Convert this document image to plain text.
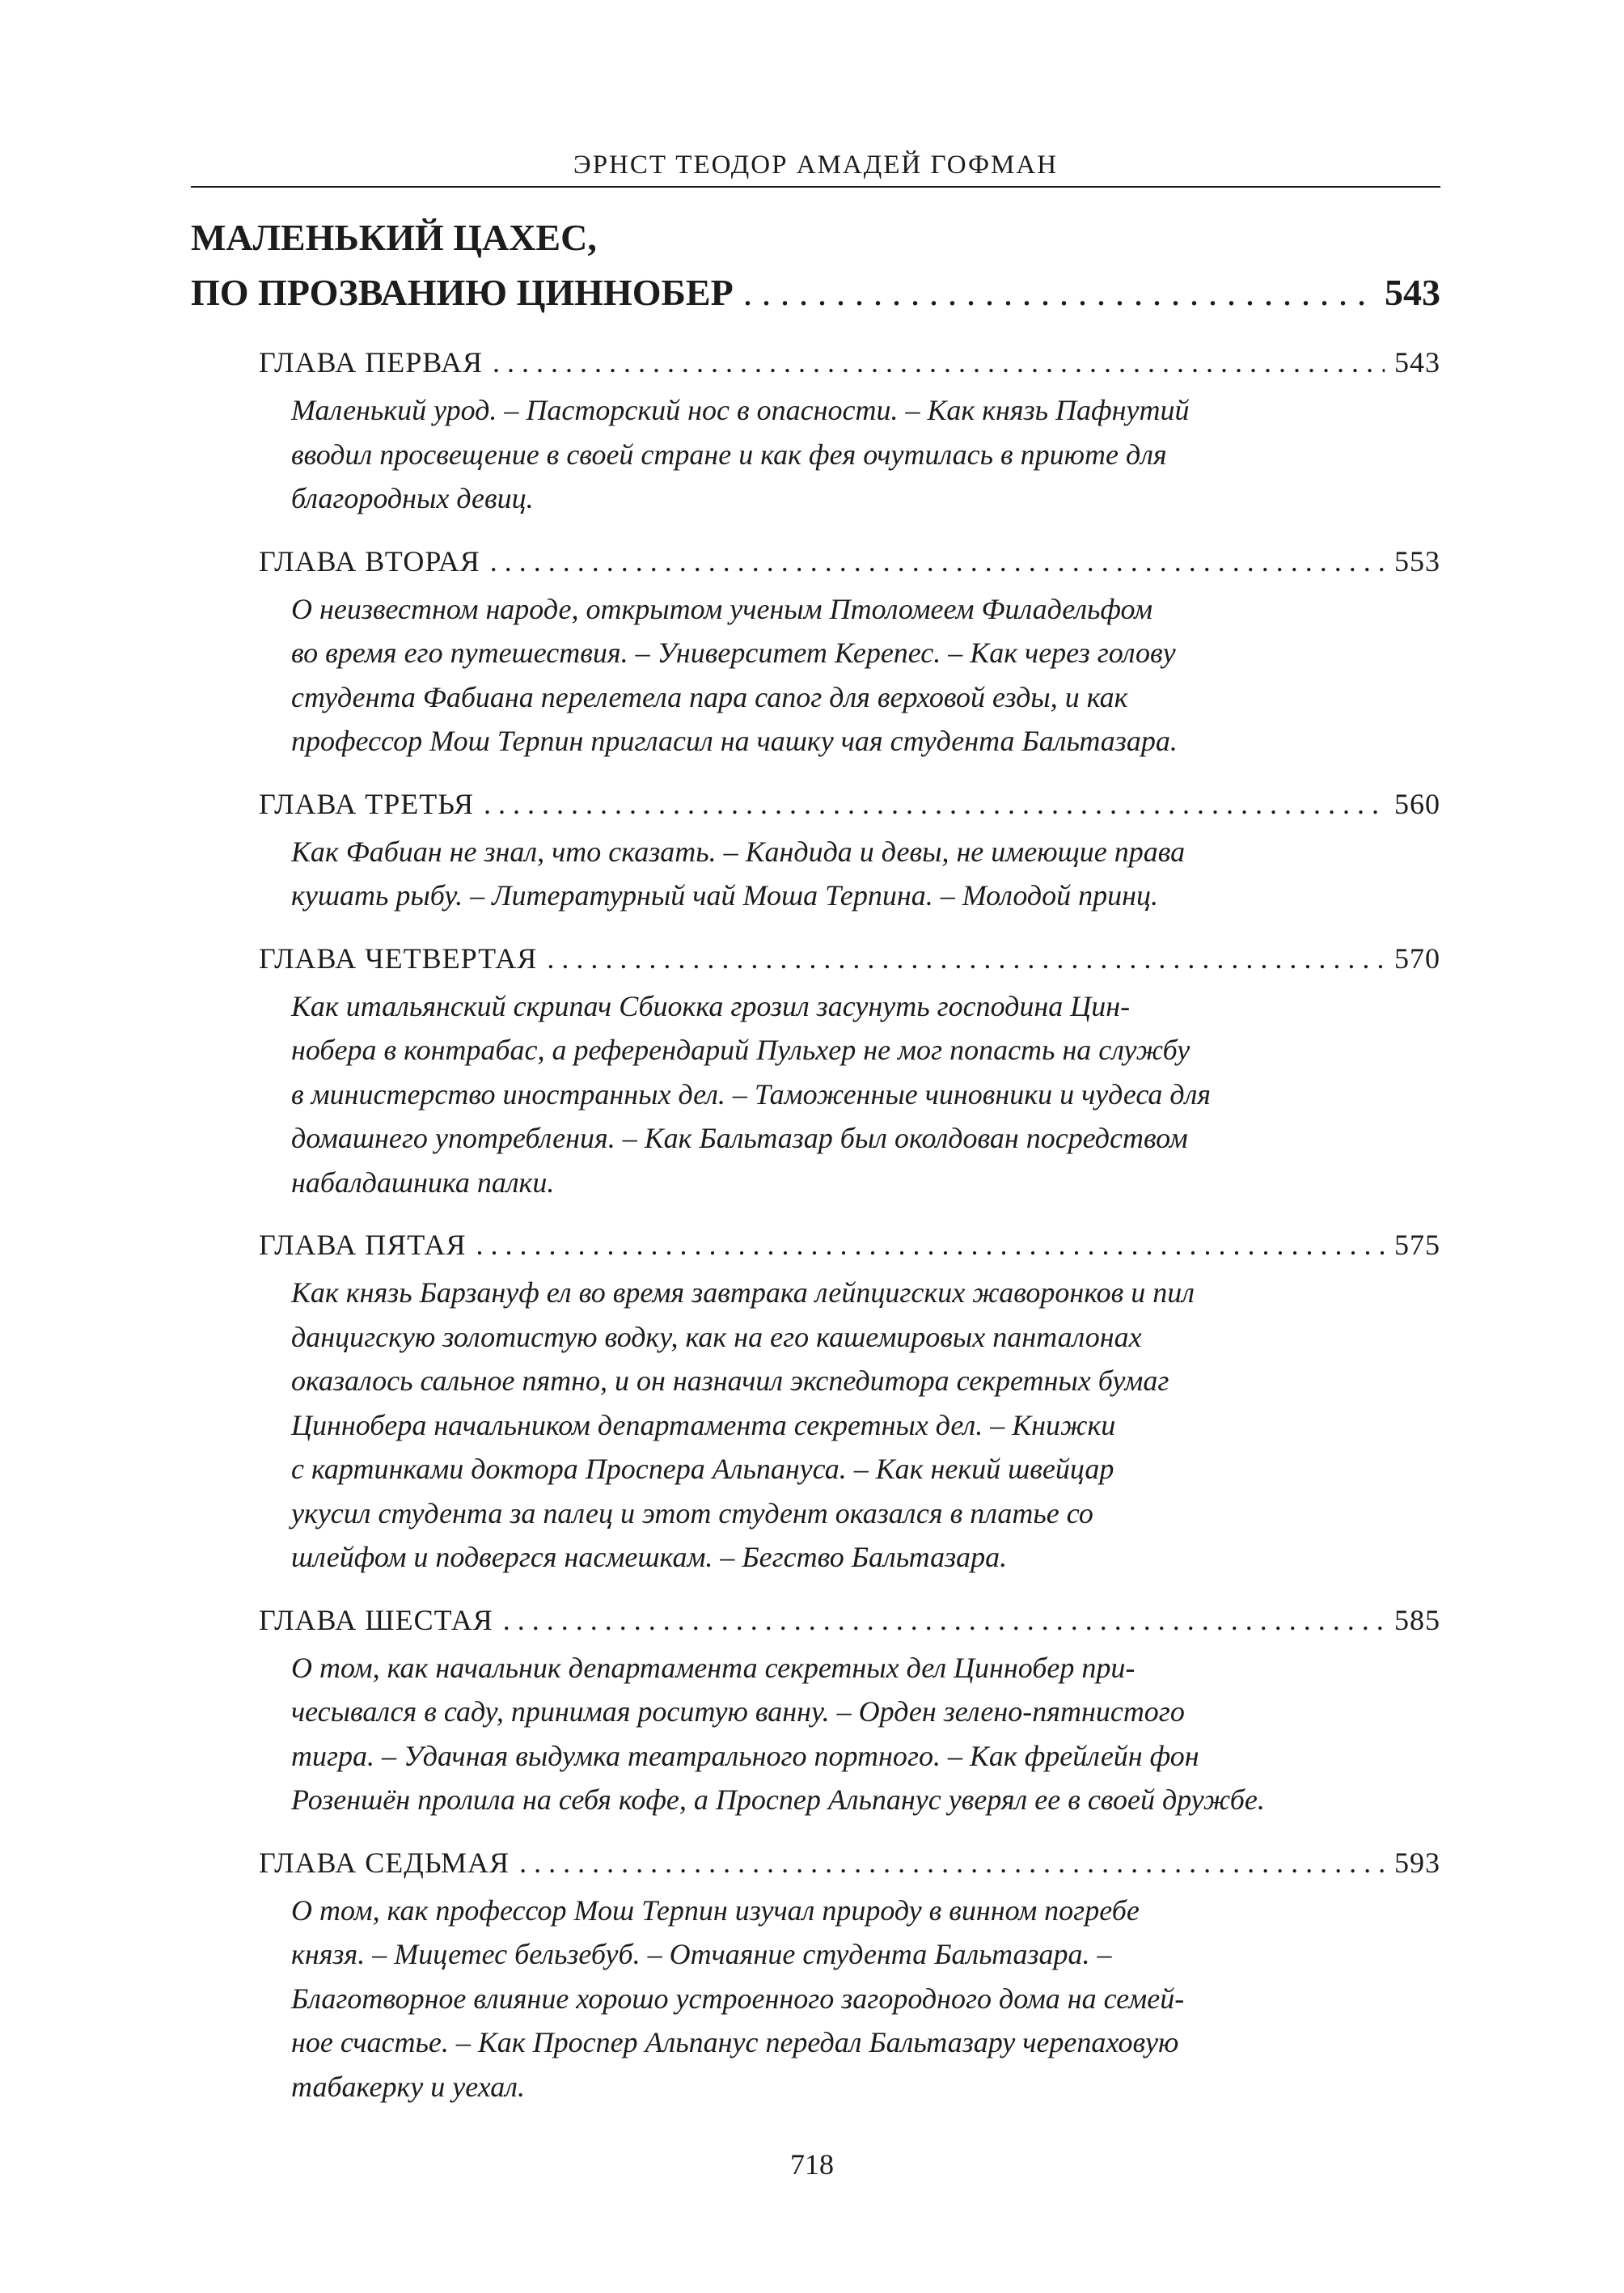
ЭРНСТ ТЕОДОР АМАДЕЙ ГОФМАН
МАЛЕНЬКИЙ ЦАХЕС,
ПО ПРОЗВАНИЮ ЦИННОБЕР . . .	543
ГЛАВА ПЕРВАЯ . . .	543
Маленький урод. – Пасторский нос в опасности. – Как князь Пафнутий
вводил просвещение в своей стране и как фея очутилась в приюте для
благородных девиц.
ГЛАВА ВТОРАЯ . . .	553
О неизвестном народе, открытом ученым Птоломеем Филадельфом
во время его путешествия. – Университет Керепес. – Как через голову
студента Фабиана перелетела пара сапог для верховой езды, и как
профессор Мош Терпин пригласил на чашку чая студента Бальтазара.
ГЛАВА ТРЕТЬЯ . . .	560
Как Фабиан не знал, что сказать. – Кандида и девы, не имеющие права
кушать рыбу. – Литературный чай Моша Терпина. – Молодой принц.
ГЛАВА ЧЕТВЕРТАЯ . . .	570
Как итальянский скрипач Сбиокка грозил засунуть господина Цин-
нобера в контрабас, а референдарий Пульхер не мог попасть на службу
в министерство иностранных дел. – Таможенные чиновники и чудеса для
домашнего употребления. – Как Бальтазар был околдован посредством
набалдашника палки.
ГЛАВА ПЯТАЯ . . .	575
Как князь Барзануф ел во время завтрака лейпцигских жаворонков и пил
данцигскую золотистую водку, как на его кашемировых панталонах
оказалось сальное пятно, и он назначил экспедитора секретных бумаг
Циннобера начальником департамента секретных дел. – Книжки
с картинками доктора Проспера Альпануса. – Как некий швейцар
укусил студента за палец и этот студент оказался в платье со
шлейфом и подвергся насмешкам. – Бегство Бальтазара.
ГЛАВА ШЕСТАЯ . . .	585
О том, как начальник департамента секретных дел Циннобер при-
чесывался в саду, принимая роситую ванну. – Орден зелено-пятнистого
тигра. – Удачная выдумка театрального портного. – Как фрейлейн фон
Розеншён пролила на себя кофе, а Проспер Альпанус уверял ее в своей дружбе.
ГЛАВА СЕДЬМАЯ . . .	593
О том, как профессор Мош Терпин изучал природу в винном погребе
князя. – Мицетес бельзебуб. – Отчаяние студента Бальтазара. –
Благотворное влияние хорошо устроенного загородного дома на семей-
ное счастье. – Как Проспер Альпанус передал Бальтазару черепаховую
табакерку и уехал.
718
